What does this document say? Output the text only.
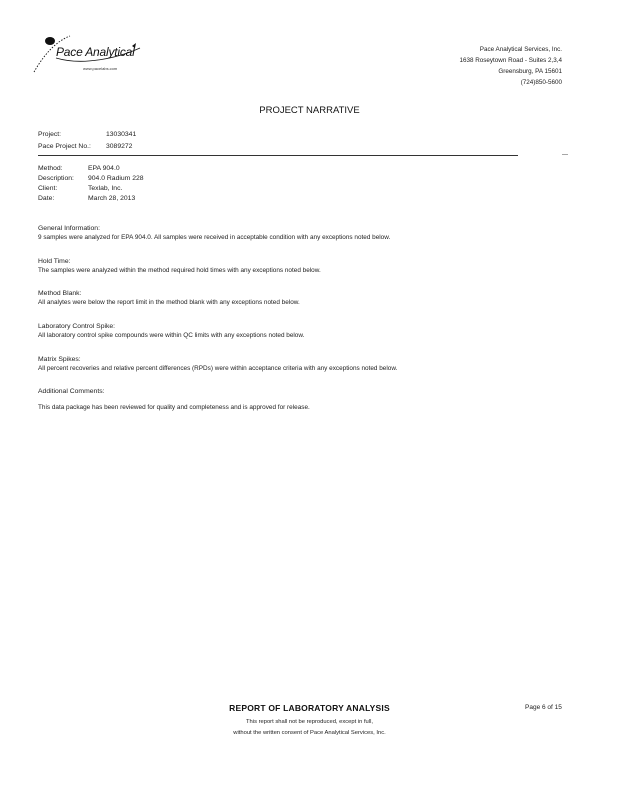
Pace Analytical
www.pacelabs.com
Pace Analytical Services, Inc.
1638 Roseytown Road - Suites 2,3,4
Greensburg, PA 15601
(724)850-5600
PROJECT NARRATIVE
Project:	13030341
Pace Project No.: 3089272
—
Method:	EPA 904.0
Description: 904.0 Radium 228
Client:	Texlab, Inc.
Date:	March 28, 2013
General Information:
9 samples were analyzed for EPA 904.0. All samples were received in acceptable condition with any exceptions noted below.
Hold Time:
The samples were analyzed within the method required hold times with any exceptions noted below.
Method Blank:
All analytes were below the report limit in the method blank with any exceptions noted below.
Laboratory Control Spike:
All laboratory control spike compounds were within QC limits with any exceptions noted below.
Matrix Spikes:
All percent recoveries and relative percent differences (RPDs) were within acceptance criteria with any exceptions noted below.
Additional Comments:
This data package has been reviewed for quality and completeness and is approved for release.
REPORT OF LABORATORY ANALYSIS	Page 6 of 15
This report shall not be reproduced, except in full,
without the written consent of Pace Analytical Services, Inc.
